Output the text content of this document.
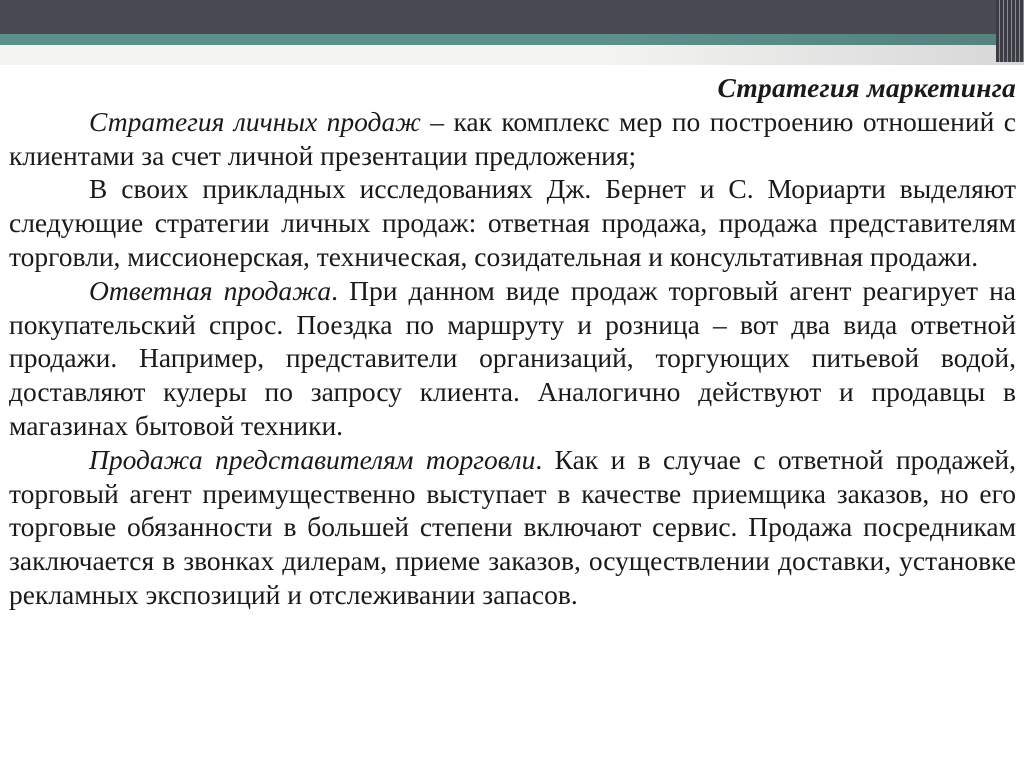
Стратегия маркетинга

Стратегия личных продаж – как комплекс мер по построению отношений с клиентами за счет личной презентации предложения;

В своих прикладных исследованиях Дж. Бернет и С. Мориарти выделяют следующие стратегии личных продаж: ответная продажа, продажа представителям торговли, миссионерская, техническая, созидательная и консультативная продажи.

Ответная продажа. При данном виде продаж торговый агент реагирует на покупательский спрос. Поездка по маршруту и розница – вот два вида ответной продажи. Например, представители организаций, торгующих питьевой водой, доставляют кулеры по запросу клиента. Аналогично действуют и продавцы в магазинах бытовой техники.

Продажа представителям торговли. Как и в случае с ответной продажей, торговый агент преимущественно выступает в качестве приемщика заказов, но его торговые обязанности в большей степени включают сервис. Продажа посредникам заключается в звонках дилерам, приеме заказов, осуществлении доставки, установке рекламных экспозиций и отслеживании запасов.
